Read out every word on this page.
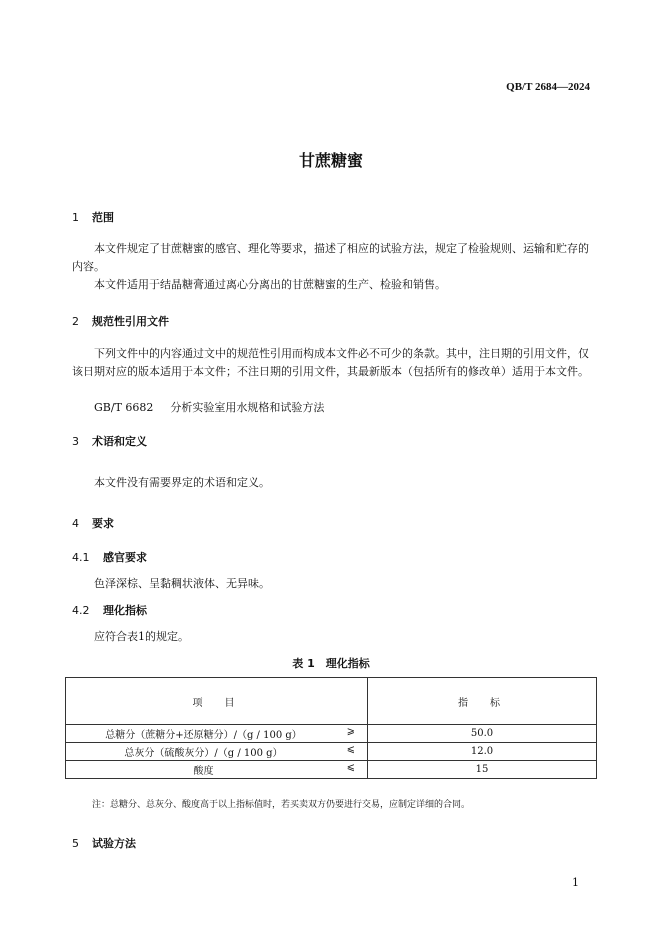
QB/T 2684—2024
甘蔗糖蜜
1 范围
本文件规定了甘蔗糖蜜的感官、理化等要求，描述了相应的试验方法，规定了检验规则、运输和贮存的内容。
本文件适用于结晶糖膏通过离心分离出的甘蔗糖蜜的生产、检验和销售。
2 规范性引用文件
下列文件中的内容通过文中的规范性引用而构成本文件必不可少的条款。其中，注日期的引用文件，仅该日期对应的版本适用于本文件；不注日期的引用文件，其最新版本（包括所有的修改单）适用于本文件。
GB/T 6682 分析实验室用水规格和试验方法
3 术语和定义
本文件没有需要界定的术语和定义。
4 要求
4.1 感官要求
色泽深棕、呈黏稠状液体、无异味。
4.2 理化指标
应符合表1的规定。
表 1　理化指标
项　目	指　标

总糖分（蔗糖分+还原糖分）/（g / 100 g） ⩾	50.0

总灰分（硫酸灰分）/（g / 100 g） ⩽	12.0

酸度 ⩽	15
注：总糖分、总灰分、酸度高于以上指标值时，若买卖双方仍要进行交易，应制定详细的合同。
5 试验方法
1
